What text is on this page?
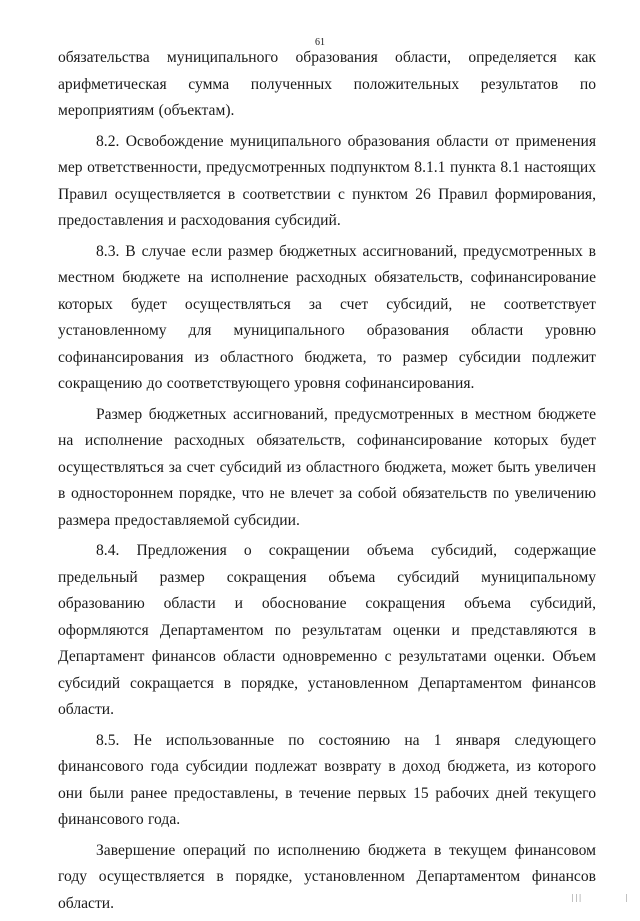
61

обязательства муниципального образования области, определяется как арифметическая сумма полученных положительных результатов по мероприятиям (объектам).

8.2. Освобождение муниципального образования области от применения мер ответственности, предусмотренных подпунктом 8.1.1 пункта 8.1 настоящих Правил осуществляется в соответствии с пунктом 26 Правил формирования, предоставления и расходования субсидий.

8.3. В случае если размер бюджетных ассигнований, предусмотренных в местном бюджете на исполнение расходных обязательств, софинансирование которых будет осуществляться за счет субсидий, не соответствует установленному для муниципального образования области уровню софинансирования из областного бюджета, то размер субсидии подлежит сокращению до соответствующего уровня софинансирования.

Размер бюджетных ассигнований, предусмотренных в местном бюджете на исполнение расходных обязательств, софинансирование которых будет осуществляться за счет субсидий из областного бюджета, может быть увеличен в одностороннем порядке, что не влечет за собой обязательств по увеличению размера предоставляемой субсидии.

8.4. Предложения о сокращении объема субсидий, содержащие предельный размер сокращения объема субсидий муниципальному образованию области и обоснование сокращения объема субсидий, оформляются Департаментом по результатам оценки и представляются в Департамент финансов области одновременно с результатами оценки. Объем субсидий сокращается в порядке, установленном Департаментом финансов области.

8.5. Не использованные по состоянию на 1 января следующего финансового года субсидии подлежат возврату в доход бюджета, из которого они были ранее предоставлены, в течение первых 15 рабочих дней текущего финансового года.

Завершение операций по исполнению бюджета в текущем финансовом году осуществляется в порядке, установленном Департаментом финансов области.	| | |	|
